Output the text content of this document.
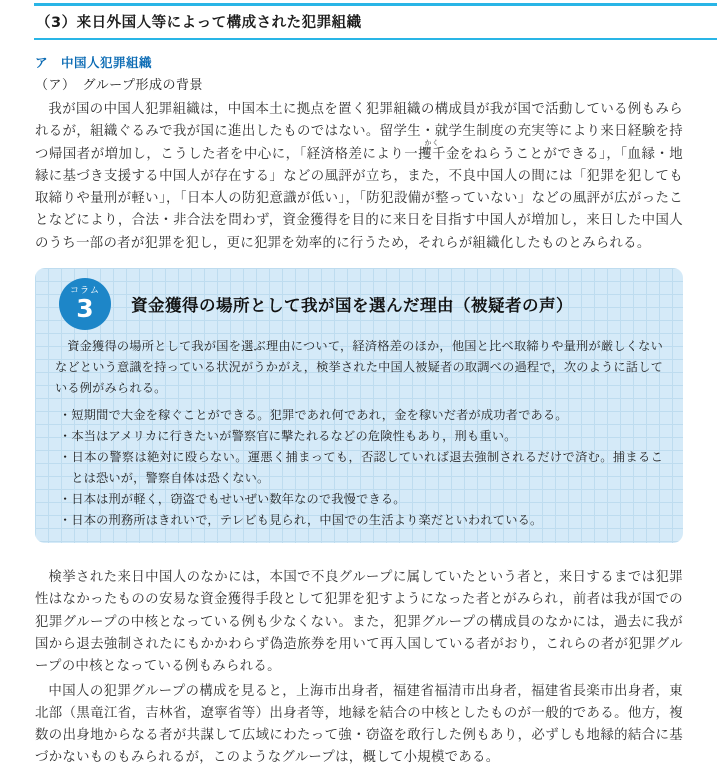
（3）来日外国人等によって構成された犯罪組織
ア　中国人犯罪組織
（ア）　グループ形成の背景

我が国の中国人犯罪組織は，中国本土に拠点を置く犯罪組織の構成員が我が国で活動している例もみられるが，組織ぐるみで我が国に進出したものではない。留学生・就学生制度の充実等により来日経験を持つ帰国者が増加し，こうした者を中心に，「経済格差により一攫
かく
千金をねらうことができる」，「血縁・地縁に基づき支援する中国人が存在する」などの風評が立ち，また，不良中国人の間には「犯罪を犯しても取締りや量刑が軽い」，「日本人の防犯意識が低い」，「防犯設備が整っていない」などの風評が広がったことなどにより，合法・非合法を問わず，資金獲得を目的に来日を目指す中国人が増加し，来日した中国人のうち一部の者が犯罪を犯し，更に犯罪を効率的に行うため，それらが組織化したものとみられる。

コラム
3 資金獲得の場所として我が国を選んだ理由（被疑者の声）

資金獲得の場所として我が国を選ぶ理由について，経済格差のほか，他国と比べ取締りや量刑が厳しくないなどという意識を持っている状況がうかがえ，検挙された中国人被疑者の取調べの過程で，次のように話している例がみられる。

・短期間で大金を稼ぐことができる。犯罪であれ何であれ，金を稼いだ者が成功者である。
・本当はアメリカに行きたいが警察官に撃たれるなどの危険性もあり，刑も重い。
・日本の警察は絶対に殴らない。運悪く捕まっても，否認していれば退去強制されるだけで済む。捕まることは恐いが，警察自体は恐くない。
・日本は刑が軽く，窃盗でもせいぜい数年なので我慢できる。
・日本の刑務所はきれいで，テレビも見られ，中国での生活より楽だといわれている。

検挙された来日中国人のなかには，本国で不良グループに属していたという者と，来日するまでは犯罪性はなかったものの安易な資金獲得手段として犯罪を犯すようになった者とがみられ，前者は我が国での犯罪グループの中核となっている例も少なくない。また，犯罪グループの構成員のなかには，過去に我が国から退去強制されたにもかかわらず偽造旅券を用いて再入国している者がおり，これらの者が犯罪グループの中核となっている例もみられる。

中国人の犯罪グループの構成を見ると，上海市出身者，福建省福清市出身者，福建省長楽市出身者，東北部（黒竜江省，吉林省，遼寧省等）出身者等，地縁を結合の中核としたものが一般的である。他方，複数の出身地からなる者が共謀して広域にわたって強・窃盗を敢行した例もあり，必ずしも地縁的結合に基づかないものもみられるが，このようなグループは，概して小規模である。
